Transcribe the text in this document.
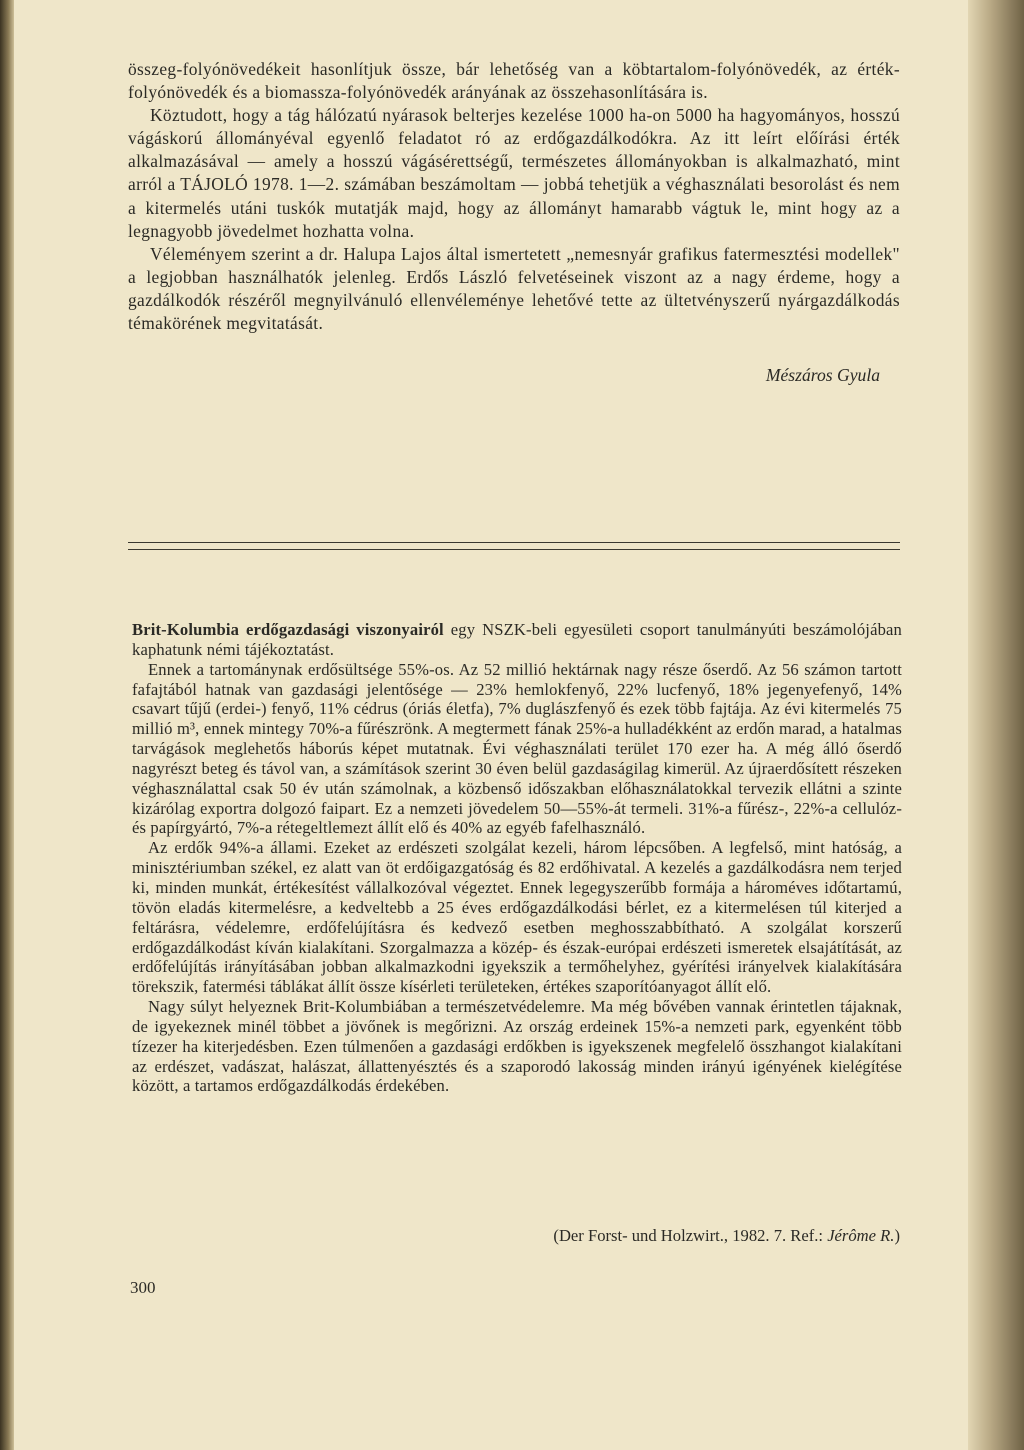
összeg-folyónövedékeit hasonlítjuk össze, bár lehetőség van a köbtartalom-folyónövedék, az érték-folyónövedék és a biomassza-folyónövedék arányának az összehasonlítására is.

Köztudott, hogy a tág hálózatú nyárasok belterjes kezelése 1000 ha-on 5000 ha hagyományos, hosszú vágáskorú állományéval egyenlő feladatot ró az erdőgazdálkodókra. Az itt leírt előírási érték alkalmazásával — amely a hosszú vágásérettségű, természetes állományokban is alkalmazható, mint arról a TÁJOLÓ 1978. 1—2. számában beszámoltam — jobbá tehetjük a véghasználati besorolást és nem a kitermelés utáni tuskók mutatják majd, hogy az állományt hamarabb vágtuk le, mint hogy az a legnagyobb jövedelmet hozhatta volna.

Véleményem szerint a dr. Halupa Lajos által ismertetett „nemesnyár grafikus fatermesztési modellek" a legjobban használhatók jelenleg. Erdős László felvetéseinek viszont az a nagy érdeme, hogy a gazdálkodók részéről megnyilvánuló ellenvéleménye lehetővé tette az ültetvényszerű nyárgazdálkodás témakörének megvitatását.

Mészáros Gyula

Brit-Kolumbia erdőgazdasági viszonyairól egy NSZK-beli egyesületi csoport tanulmányúti beszámolójában kaphatunk némi tájékoztatást.

Ennek a tartománynak erdősültsége 55%-os. Az 52 millió hektárnak nagy része őserdő. Az 56 számon tartott fafajtából hatnak van gazdasági jelentősége — 23% hemlokfenyő, 22% lucfenyő, 18% jegenyefenyő, 14% csavart tűjű (erdei-) fenyő, 11% cédrus (óriás életfa), 7% duglászfenyő és ezek több fajtája. Az évi kitermelés 75 millió m³, ennek mintegy 70%-a fűrészrönk. A megtermett fának 25%-a hulladékként az erdőn marad, a hatalmas tarvágások meglehetős háborús képet mutatnak. Évi véghasználati terület 170 ezer ha. A még álló őserdő nagyrészt beteg és távol van, a számítások szerint 30 éven belül gazdaságilag kimerül. Az újraerdősített részeken véghasználattal csak 50 év után számolnak, a közbenső időszakban előhasználatokkal tervezik ellátni a szinte kizárólag exportra dolgozó faipart. Ez a nemzeti jövedelem 50—55%-át termeli. 31%-a fűrész-, 22%-a cellulóz- és papírgyártó, 7%-a rétegeltlemezt állít elő és 40% az egyéb fafelhasználó.

Az erdők 94%-a állami. Ezeket az erdészeti szolgálat kezeli, három lépcsőben. A legfelső, mint hatóság, a minisztériumban székel, ez alatt van öt erdőigazgatóság és 82 erdőhivatal. A kezelés a gazdálkodásra nem terjed ki, minden munkát, értékesítést vállalkozóval végeztet. Ennek legegyszerűbb formája a hároméves időtartamú, tövön eladás kitermelésre, a kedveltebb a 25 éves erdőgazdálkodási bérlet, ez a kitermelésen túl kiterjed a feltárásra, védelemre, erdőfelújításra és kedvező esetben meghosszabbítható. A szolgálat korszerű erdőgazdálkodást kíván kialakítani. Szorgalmazza a közép- és észak-európai erdészeti ismeretek elsajátítását, az erdőfelújítás irányításában jobban alkalmazkodni igyekszik a termőhelyhez, gyérítési irányelvek kialakítására törekszik, fatermési táblákat állít össze kísérleti területeken, értékes szaporítóanyagot állít elő.

Nagy súlyt helyeznek Brit-Kolumbiában a természetvédelemre. Ma még bővében vannak érintetlen tájaknak, de igyekeznek minél többet a jövőnek is megőrizni. Az ország erdeinek 15%-a nemzeti park, egyenként több tízezer ha kiterjedésben. Ezen túlmenően a gazdasági erdőkben is igyekszenek megfelelő összhangot kialakítani az erdészet, vadászat, halászat, állattenyésztés és a szaporodó lakosság minden irányú igényének kielégítése között, a tartamos erdőgazdálkodás érdekében.

(Der Forst- und Holzwirt., 1982. 7. Ref.: Jérôme R.)
300
